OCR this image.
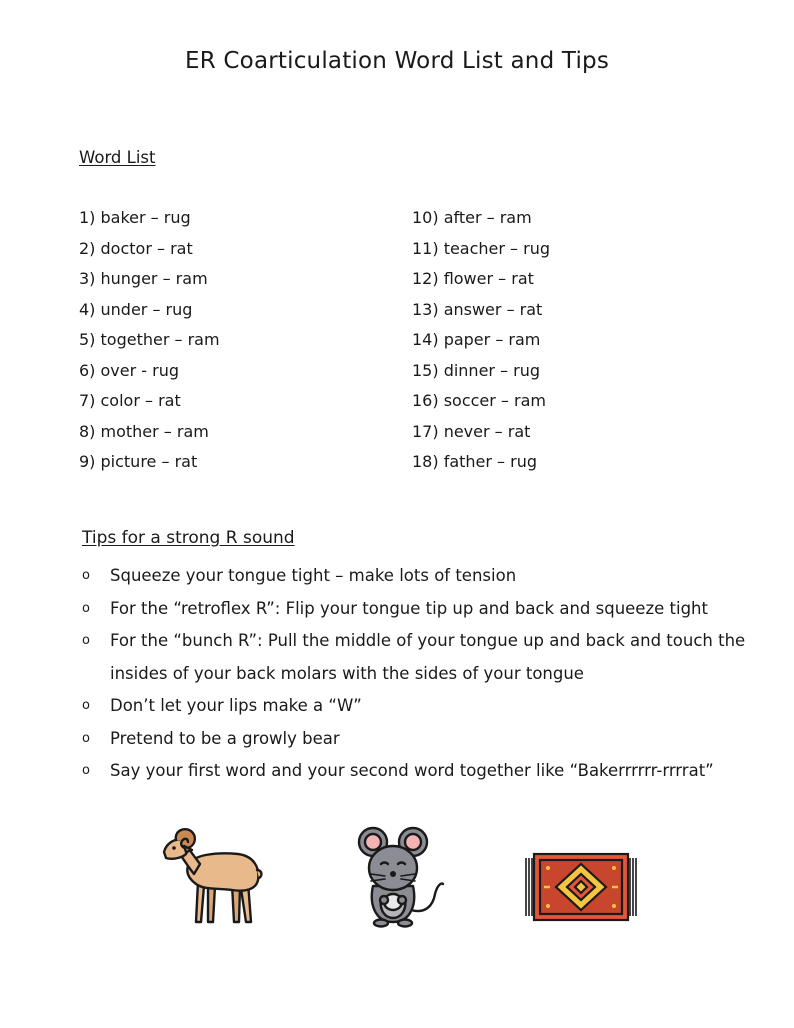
ER Coarticulation Word List and Tips
Word List
1) baker – rug
2) doctor – rat
3) hunger – ram
4) under – rug
5) together – ram
6) over - rug
7) color – rat
8) mother – ram
9) picture – rat
10) after – ram
11) teacher – rug
12) flower – rat
13) answer – rat
14) paper – ram
15) dinner – rug
16) soccer – ram
17) never – rat
18) father – rug
Tips for a strong R sound
o Squeeze your tongue tight – make lots of tension
o For the “retroflex R”: Flip your tongue tip up and back and squeeze tight
o For the “bunch R”: Pull the middle of your tongue up and back and touch the insides of your back molars with the sides of your tongue
o Don’t let your lips make a “W”
o Pretend to be a growly bear
o Say your first word and your second word together like “Bakerrrrrr-rrrrat”
